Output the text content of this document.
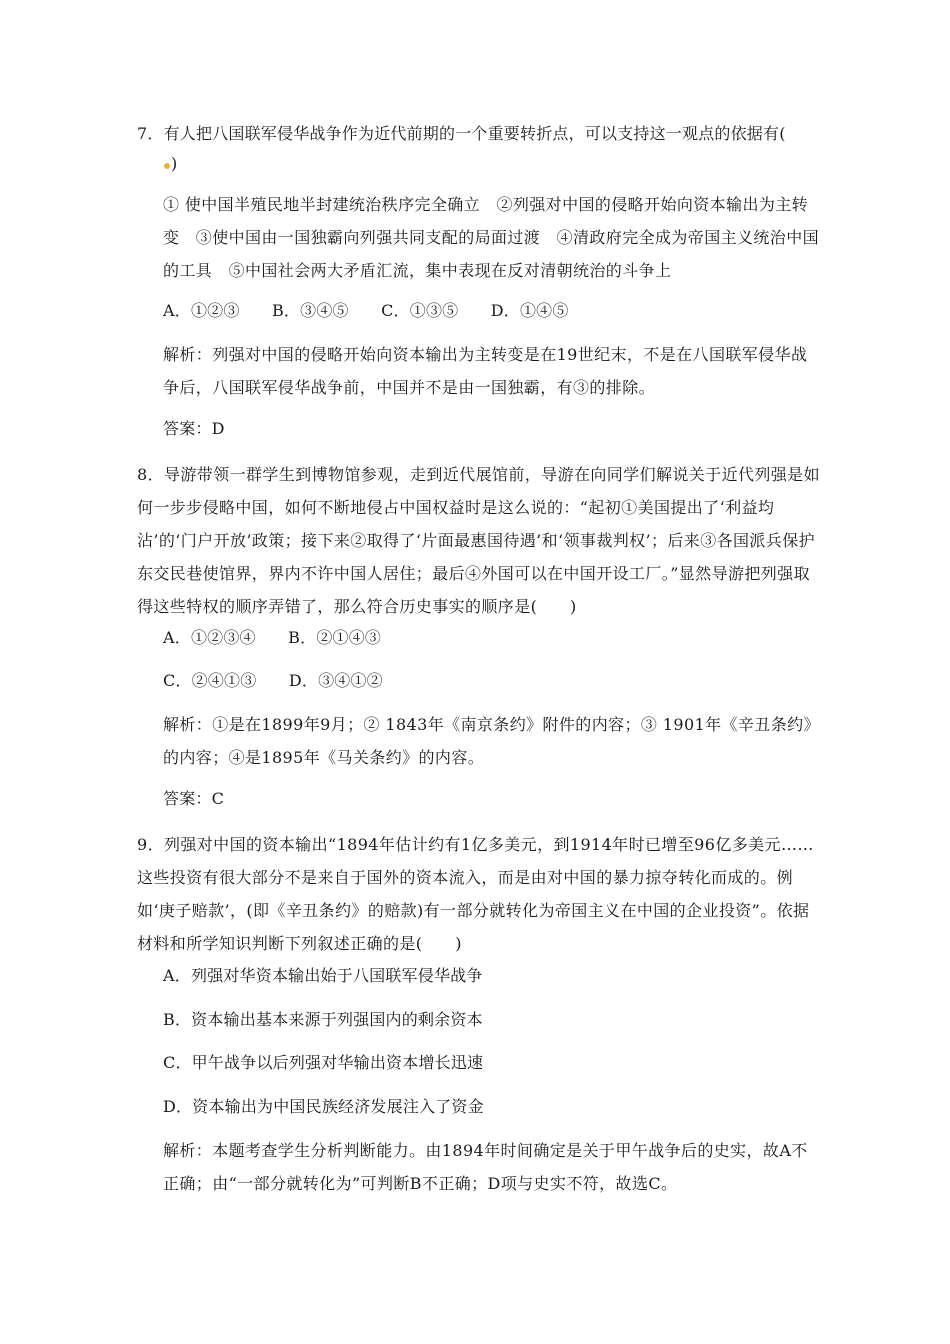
7．有人把八国联军侵华战争作为近代前期的一个重要转折点，可以支持这一观点的依据有(
)
① 使中国半殖民地半封建统治秩序完全确立　②列强对中国的侵略开始向资本输出为主转变　③使中国由一国独霸向列强共同支配的局面过渡　④清政府完全成为帝国主义统治中国的工具　⑤中国社会两大矛盾汇流，集中表现在反对清朝统治的斗争上
A．①②③　　B．③④⑤　　C．①③⑤　　D．①④⑤
解析：列强对中国的侵略开始向资本输出为主转变是在19世纪末，不是在八国联军侵华战争后，八国联军侵华战争前，中国并不是由一国独霸，有③的排除。
答案：D
8．导游带领一群学生到博物馆参观，走到近代展馆前，导游在向同学们解说关于近代列强是如何一步步侵略中国，如何不断地侵占中国权益时是这么说的：“起初①美国提出了‘利益均沾’的‘门户开放’政策；接下来②取得了‘片面最惠国待遇’和‘领事裁判权’；后来③各国派兵保护东交民巷使馆界，界内不许中国人居住；最后④外国可以在中国开设工厂。”显然导游把列强取得这些特权的顺序弄错了，那么符合历史事实的顺序是(　　)
A．①②③④　　B．②①④③
C．②④①③　　D．③④①②
解析：①是在1899年9月；② 1843年《南京条约》附件的内容；③ 1901年《辛丑条约》的内容；④是1895年《马关条约》的内容。
答案：C
9．列强对中国的资本输出“1894年估计约有1亿多美元，到1914年时已增至96亿多美元……这些投资有很大部分不是来自于国外的资本流入，而是由对中国的暴力掠夺转化而成的。例如‘庚子赔款’，(即《辛丑条约》的赔款)有一部分就转化为帝国主义在中国的企业投资”。依据材料和所学知识判断下列叙述正确的是(　　)
A．列强对华资本输出始于八国联军侵华战争
B．资本输出基本来源于列强国内的剩余资本
C．甲午战争以后列强对华输出资本增长迅速
D．资本输出为中国民族经济发展注入了资金
解析：本题考查学生分析判断能力。由1894年时间确定是关于甲午战争后的史实，故A不正确；由“一部分就转化为”可判断B不正确；D项与史实不符，故选C。
